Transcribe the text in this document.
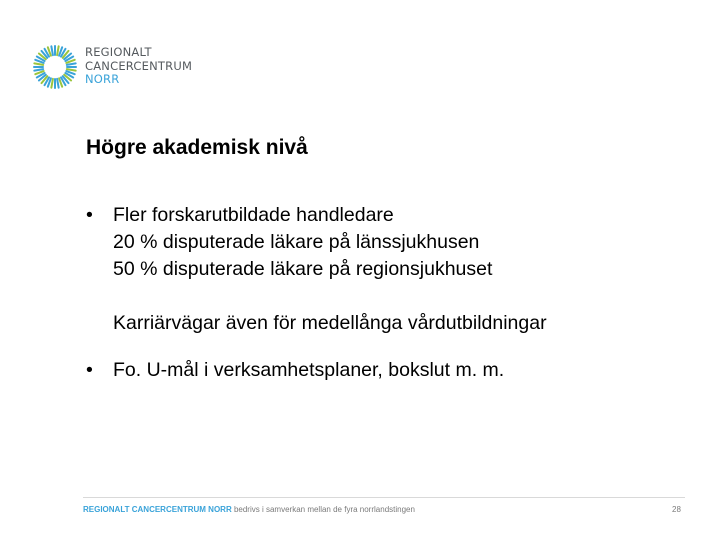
REGIONALT
CANCERCENTRUM
NORR
Högre akademisk nivå
• Fler forskarutbildade handledare
20 % disputerade läkare på länssjukhusen
50 % disputerade läkare på regionsjukhuset
Karriärvägar även för medellånga vårdutbildningar
• Fo. U-mål i verksamhetsplaner, bokslut m. m.
REGIONALT CANCERCENTRUM NORR bedrivs i samverkan mellan de fyra norrlandstingen	28
